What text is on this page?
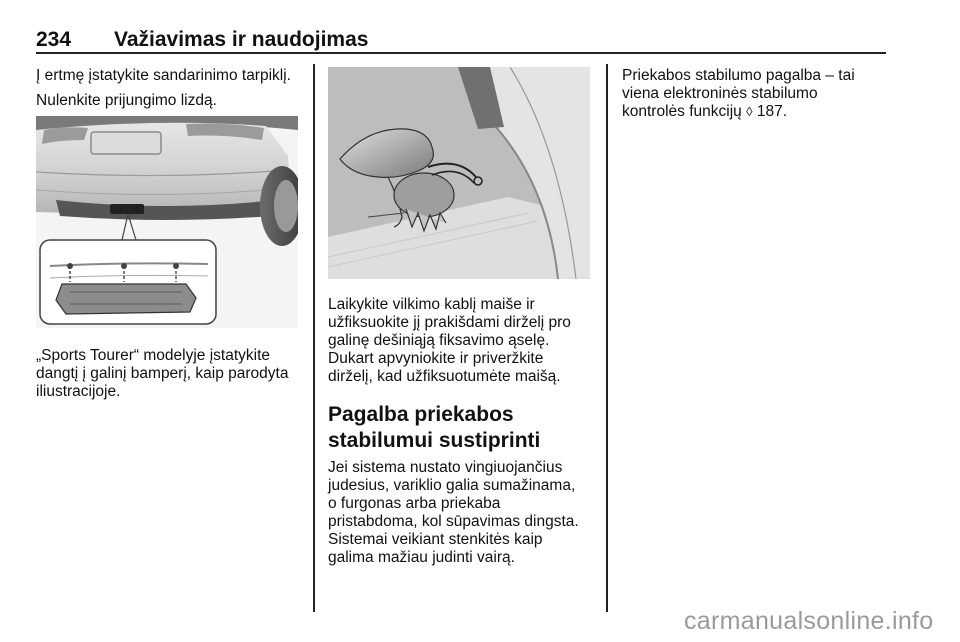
234 Važiavimas ir naudojimas
Į ertmę įstatykite sandarinimo tarpiklį.
Nulenkite prijungimo lizdą.
„Sports Tourer“ modelyje įstatykite
dangtį į galinį bamperį, kaip parodyta
iliustracijoje.
Laikykite vilkimo kablį maiše ir
užfiksuokite jį prakišdami dirželį pro
galinę dešiniąją fiksavimo ąselę.
Dukart apvyniokite ir priveržkite
dirželį, kad užfiksuotumėte maišą.
Pagalba priekabos
stabilumui sustiprinti
Jei sistema nustato vingiuojančius
judesius, variklio galia sumažinama,
o furgonas arba priekaba
pristabdoma, kol sūpavimas dingsta.
Sistemai veikiant stenkitės kaip
galima mažiau judinti vairą.
Priekabos stabilumo pagalba – tai
viena elektroninės stabilumo
kontrolės funkcijų ◊ 187.
carmanualsonline.info
